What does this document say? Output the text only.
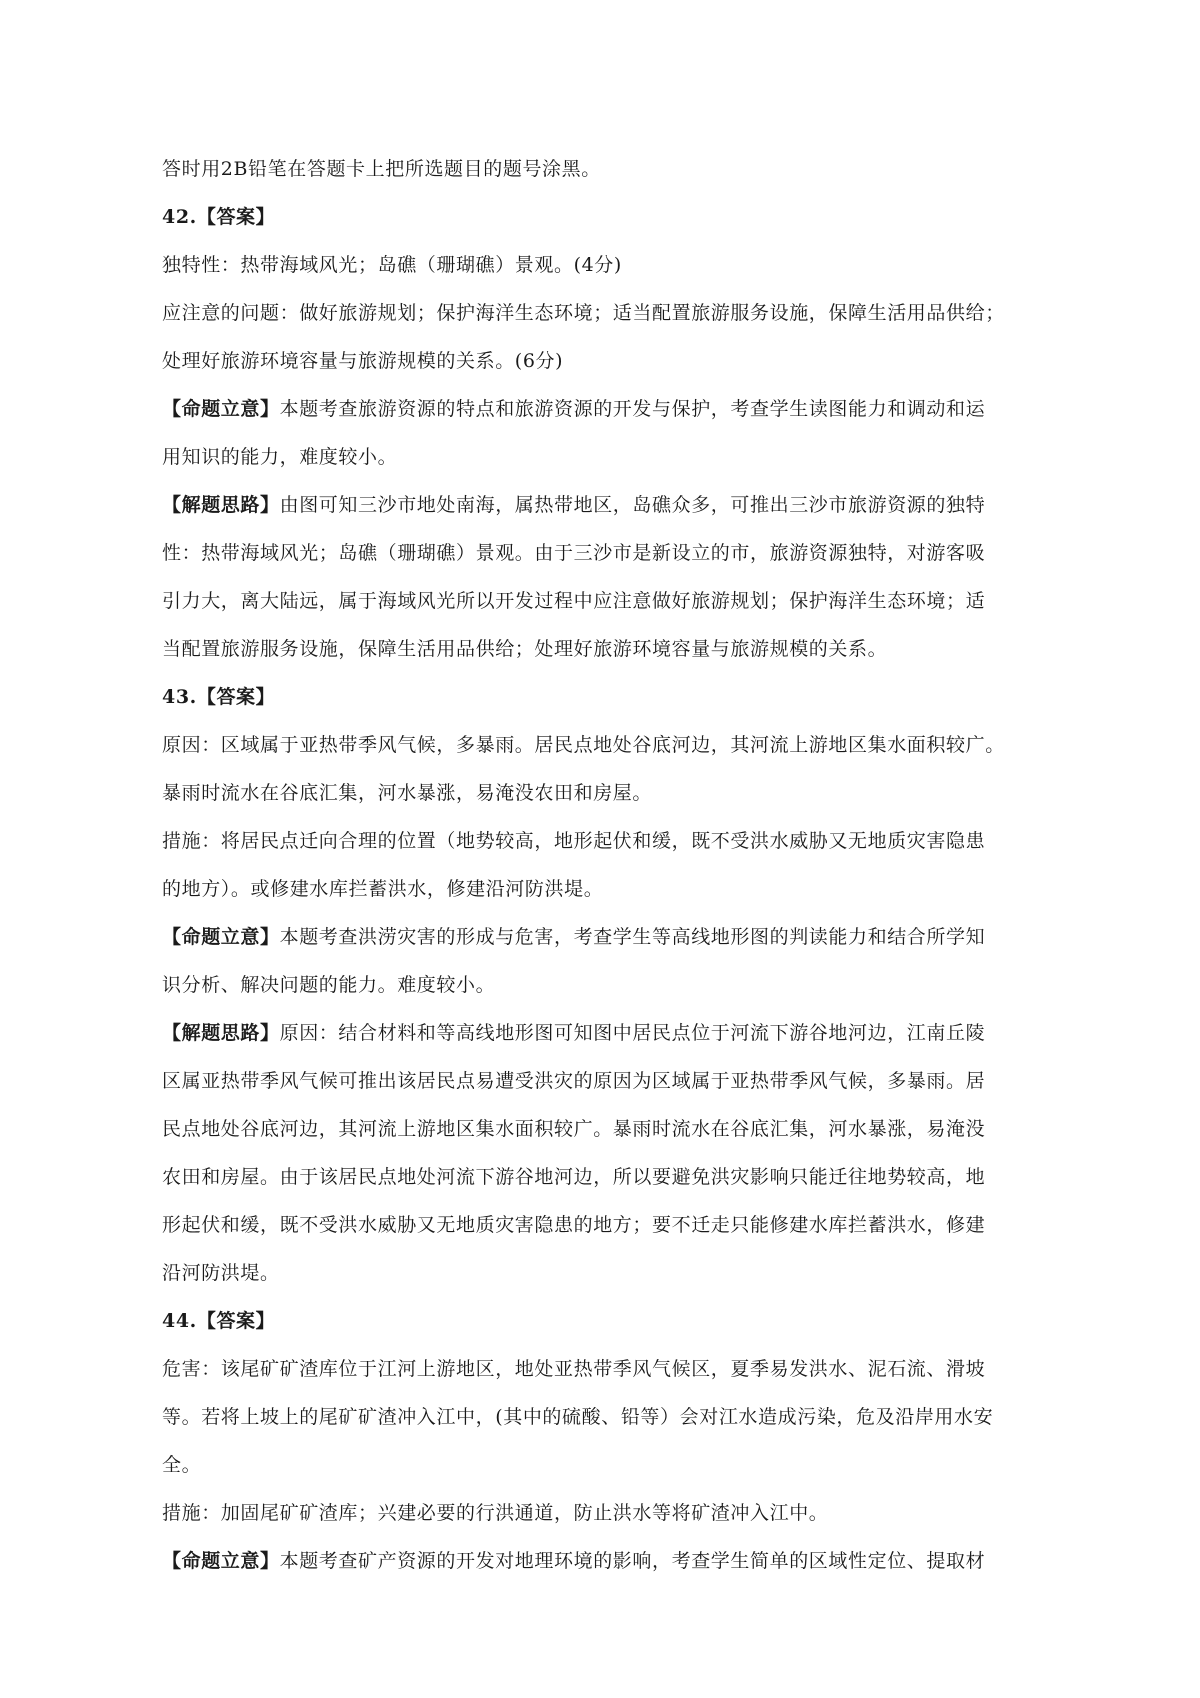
答时用2B铅笔在答题卡上把所选题目的题号涂黑。

42.【答案】

独特性：热带海域风光；岛礁（珊瑚礁）景观。(4分)

应注意的问题：做好旅游规划；保护海洋生态环境；适当配置旅游服务设施，保障生活用品供给；

处理好旅游环境容量与旅游规模的关系。(6分)

【命题立意】本题考查旅游资源的特点和旅游资源的开发与保护，考查学生读图能力和调动和运

用知识的能力，难度较小。

【解题思路】由图可知三沙市地处南海，属热带地区，岛礁众多，可推出三沙市旅游资源的独特

性：热带海域风光；岛礁（珊瑚礁）景观。由于三沙市是新设立的市，旅游资源独特，对游客吸

引力大，离大陆远，属于海域风光所以开发过程中应注意做好旅游规划；保护海洋生态环境；适

当配置旅游服务设施，保障生活用品供给；处理好旅游环境容量与旅游规模的关系。

43.【答案】

原因：区域属于亚热带季风气候，多暴雨。居民点地处谷底河边，其河流上游地区集水面积较广。

暴雨时流水在谷底汇集，河水暴涨，易淹没农田和房屋。

措施：将居民点迁向合理的位置（地势较高，地形起伏和缓，既不受洪水威胁又无地质灾害隐患

的地方）。或修建水库拦蓄洪水，修建沿河防洪堤。

【命题立意】本题考查洪涝灾害的形成与危害，考查学生等高线地形图的判读能力和结合所学知

识分析、解决问题的能力。难度较小。

【解题思路】原因：结合材料和等高线地形图可知图中居民点位于河流下游谷地河边，江南丘陵

区属亚热带季风气候可推出该居民点易遭受洪灾的原因为区域属于亚热带季风气候，多暴雨。居

民点地处谷底河边，其河流上游地区集水面积较广。暴雨时流水在谷底汇集，河水暴涨，易淹没

农田和房屋。由于该居民点地处河流下游谷地河边，所以要避免洪灾影响只能迁往地势较高，地

形起伏和缓，既不受洪水威胁又无地质灾害隐患的地方；要不迁走只能修建水库拦蓄洪水，修建

沿河防洪堤。

44.【答案】

危害：该尾矿矿渣库位于江河上游地区，地处亚热带季风气候区，夏季易发洪水、泥石流、滑坡

等。若将上坡上的尾矿矿渣冲入江中，(其中的硫酸、铅等）会对江水造成污染，危及沿岸用水安

全。

措施：加固尾矿矿渣库；兴建必要的行洪通道，防止洪水等将矿渣冲入江中。

【命题立意】本题考查矿产资源的开发对地理环境的影响，考查学生简单的区域性定位、提取材
